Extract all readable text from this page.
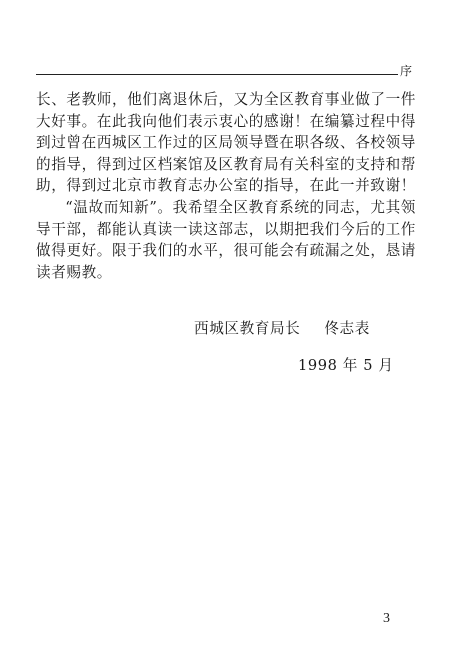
序

长、老教师，他们离退休后，又为全区教育事业做了一件大好事。在此我向他们表示衷心的感谢！在编纂过程中得到过曾在西城区工作过的区局领导暨在职各级、各校领导的指导，得到过区档案馆及区教育局有关科室的支持和帮助，得到过北京市教育志办公室的指导，在此一并致谢！

“温故而知新”。我希望全区教育系统的同志，尤其领导干部，都能认真读一读这部志，以期把我们今后的工作做得更好。限于我们的水平，很可能会有疏漏之处，恳请读者赐教。

西城区教育局长 佟志表
1998 年 5 月
3
